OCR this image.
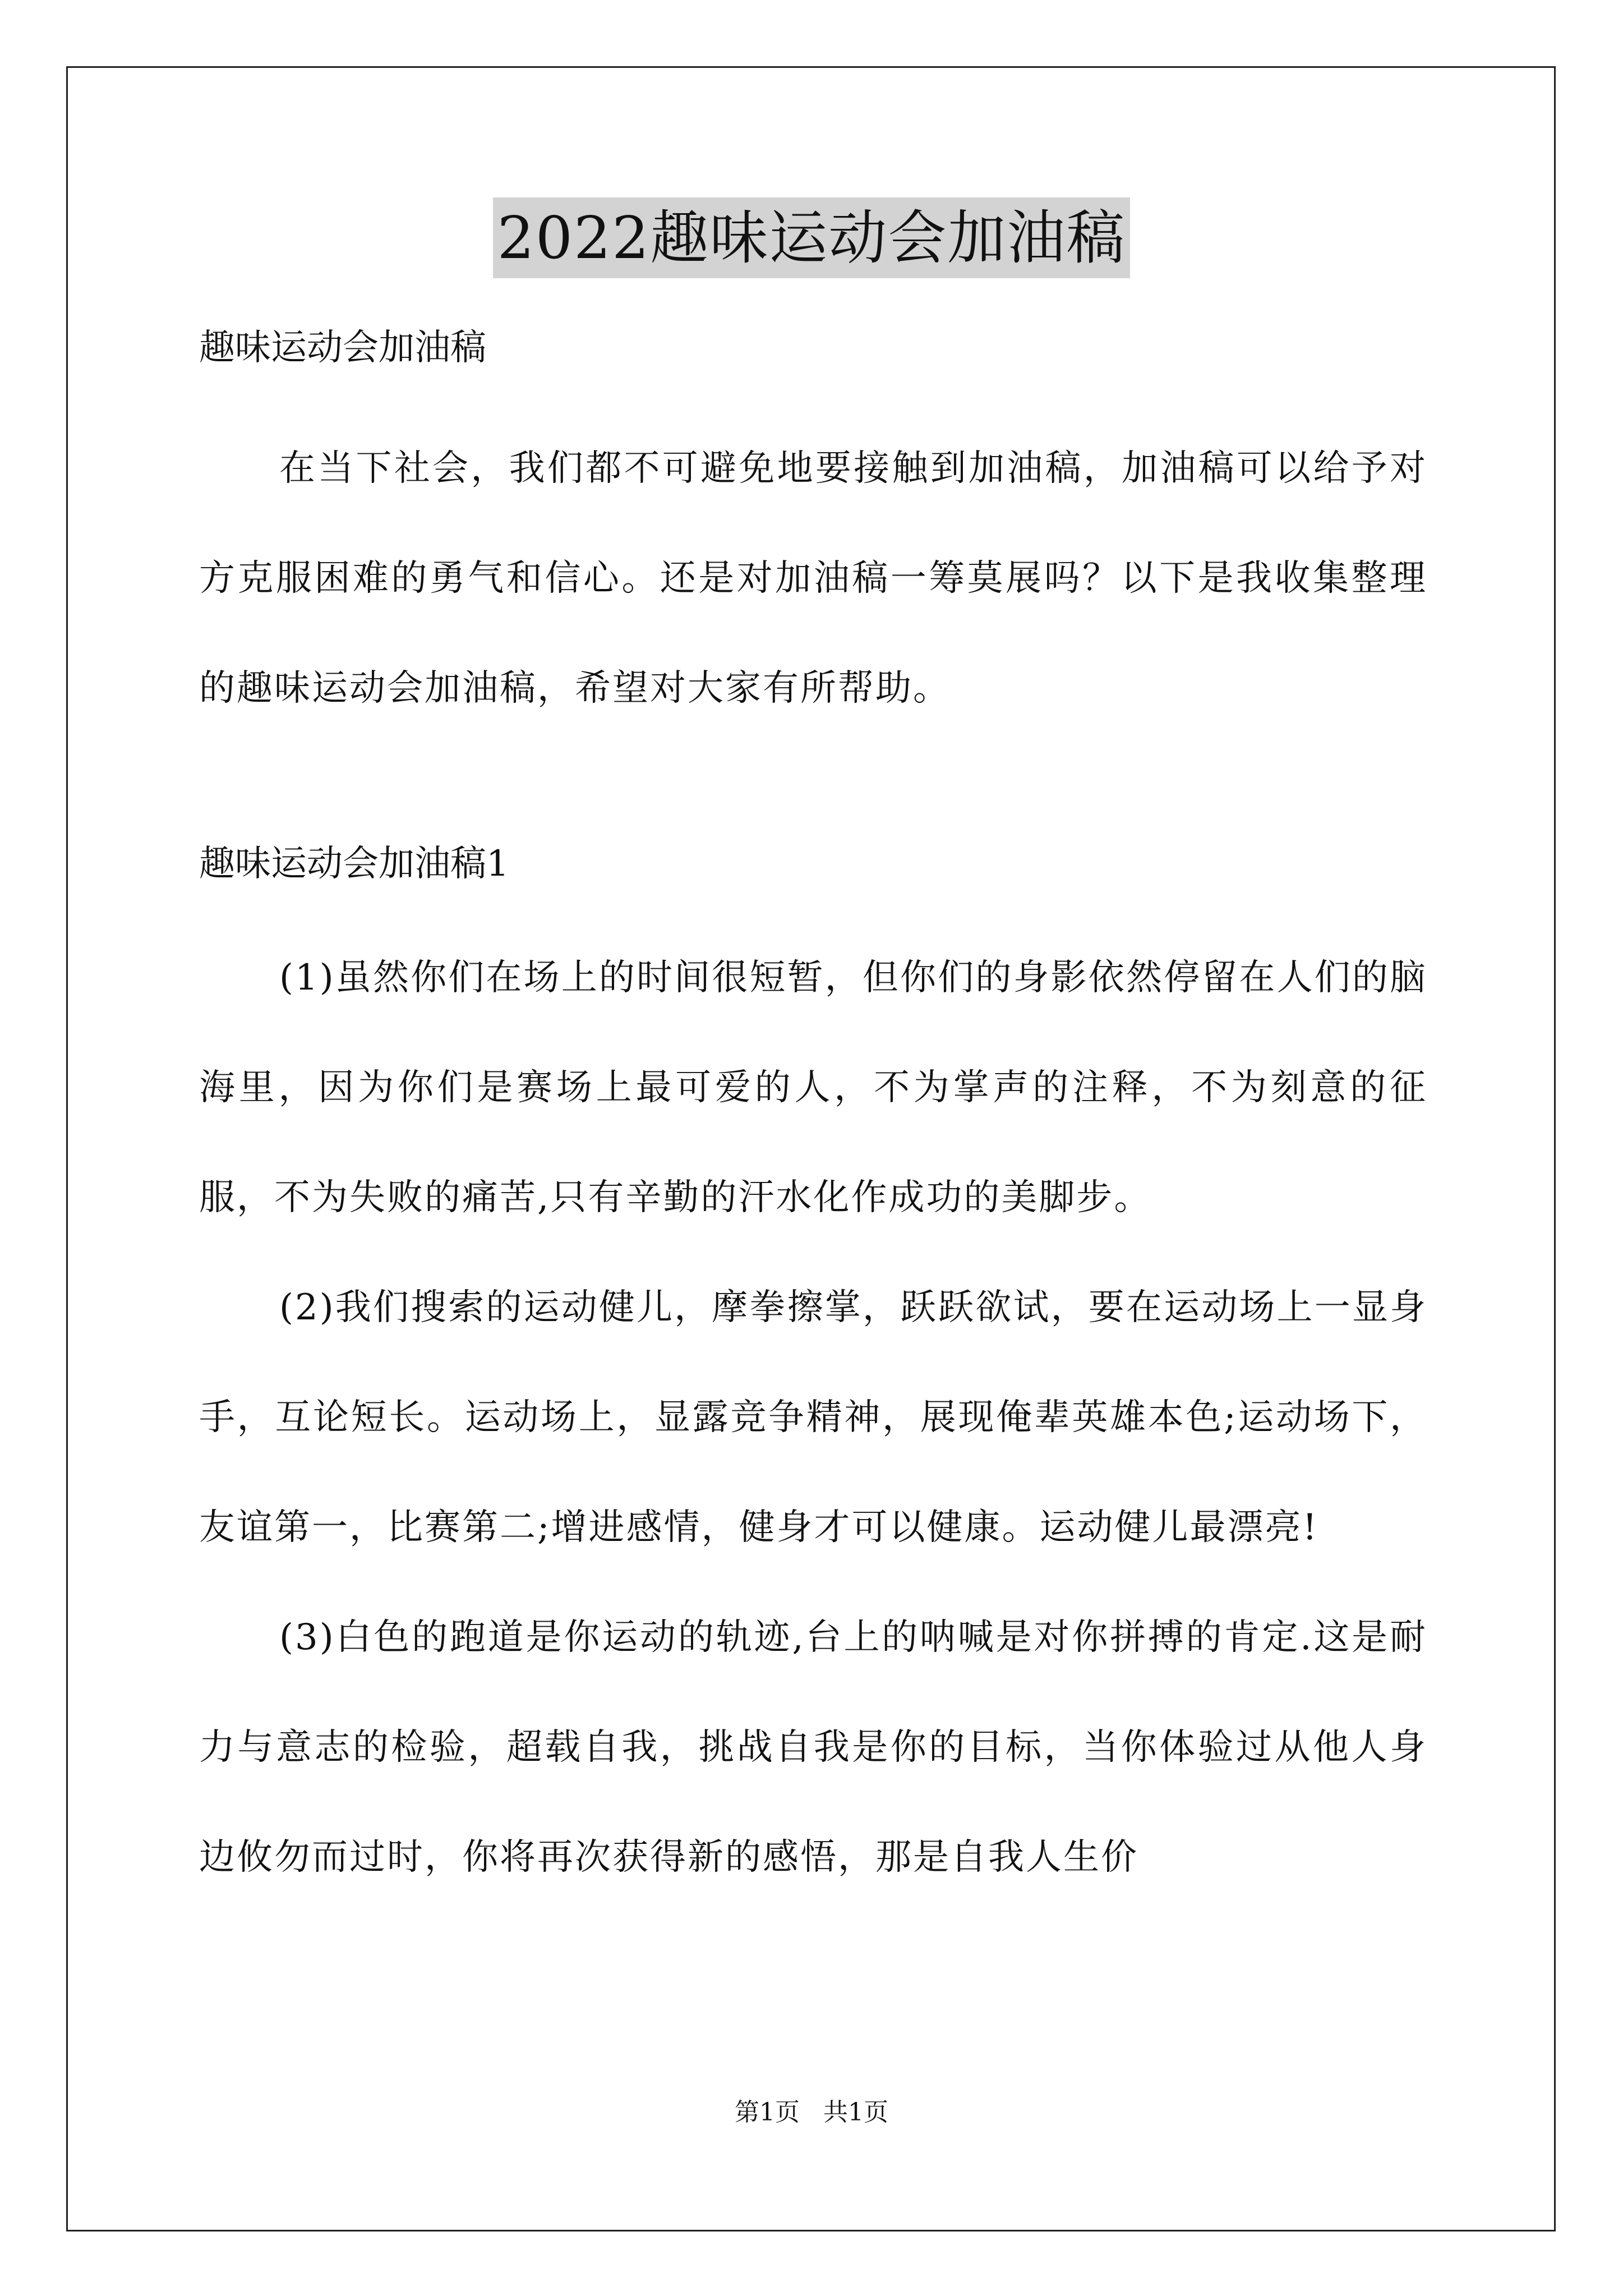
2022趣味运动会加油稿

趣味运动会加油稿

在当下社会，我们都不可避免地要接触到加油稿，加油稿可以给予对方克服困难的勇气和信心。还是对加油稿一筹莫展吗？以下是我收集整理的趣味运动会加油稿，希望对大家有所帮助。

趣味运动会加油稿1

(1)虽然你们在场上的时间很短暂，但你们的身影依然停留在人们的脑海里，因为你们是赛场上最可爱的人，不为掌声的注释，不为刻意的征服，不为失败的痛苦,只有辛勤的汗水化作成功的美脚步。

(2)我们搜索的运动健儿，摩拳擦掌，跃跃欲试，要在运动场上一显身手，互论短长。运动场上，显露竞争精神，展现俺辈英雄本色;运动场下，友谊第一，比赛第二;增进感情，健身才可以健康。运动健儿最漂亮!

(3)白色的跑道是你运动的轨迹,台上的呐喊是对你拼搏的肯定.这是耐力与意志的检验，超载自我，挑战自我是你的目标，当你体验过从他人身边攸勿而过时，你将再次获得新的感悟，那是自我人生价

第1页 共1页
